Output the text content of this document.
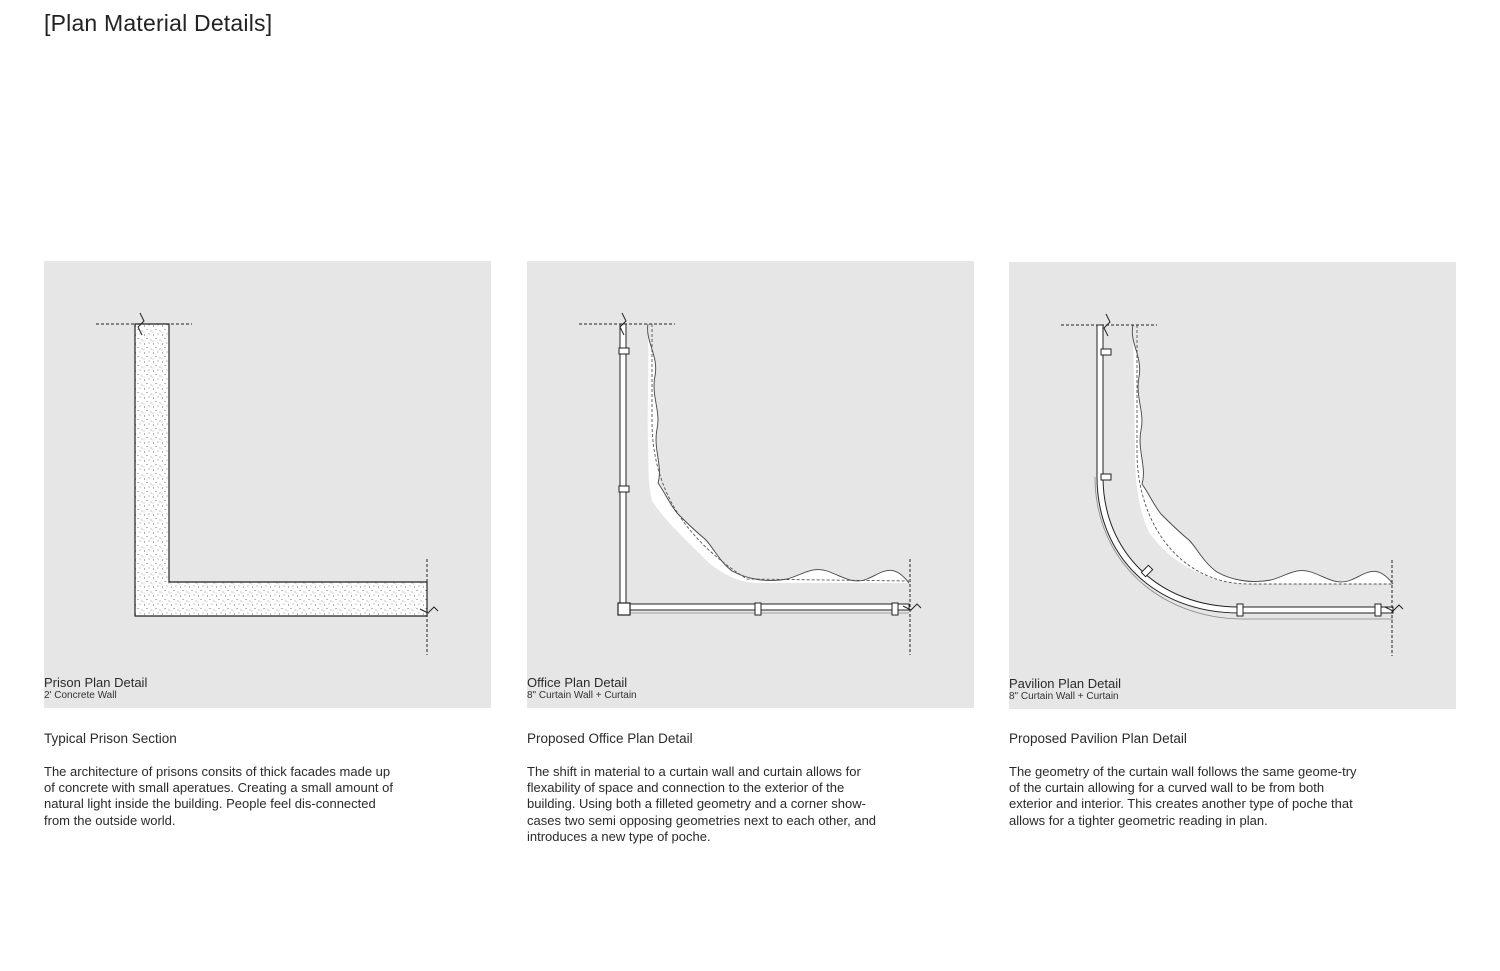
[Plan Material Details]
Prison Plan Detail
2' Concrete Wall
Office Plan Detail
8" Curtain Wall + Curtain
Pavilion Plan Detail
8" Curtain Wall + Curtain
Typical Prison Section

The architecture of prisons consits of thick facades made up of concrete with small aperatues. Creating a small amount of natural light inside the building. People feel dis-connected from the outside world.

Proposed Office Plan Detail

The shift in material to a curtain wall and curtain allows for flexability of space and connection to the exterior of the building. Using both a filleted geometry and a corner show-cases two semi opposing geometries next to each other, and introduces a new type of poche.

Proposed Pavilion Plan Detail

The geometry of the curtain wall follows the same geome-try of the curtain allowing for a curved wall to be from both exterior and interior. This creates another type of poche that allows for a tighter geometric reading in plan.
